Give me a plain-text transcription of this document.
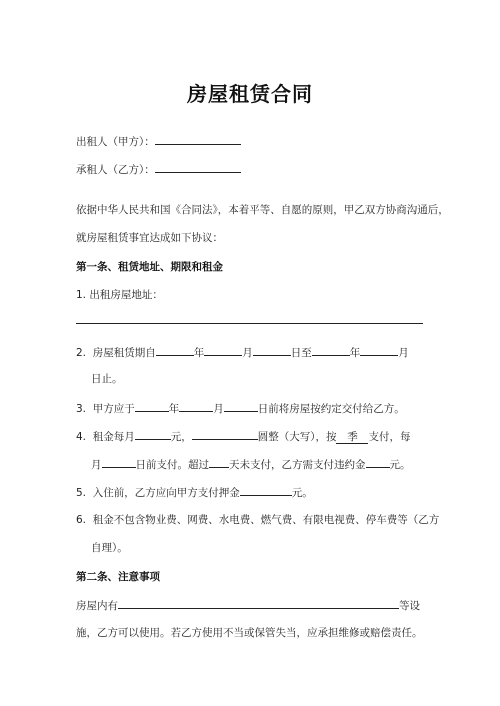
房屋租赁合同
出租人（甲方）：
承租人（乙方）：
依据中华人民共和国《合同法》，本着平等、自愿的原则，甲乙双方协商沟通后，
就房屋租赁事宜达成如下协议：
第一条、租赁地址、期限和租金
1. 出租房屋地址：
2. 房屋租赁期自	年	月	日至	年	月
日止。
3. 甲方应于	年	月	日前将房屋按约定交付给乙方。
4. 租金每月	元，	圆整（大写），按 季 支付，每
月	日前支付。超过 天未支付，乙方需支付违约金 元。
5. 入住前，乙方应向甲方支付押金	元。
6. 租金不包含物业费、网费、水电费、燃气费、有限电视费、停车费等（乙方
自理）。
第二条、注意事项
房屋内有	等设
施，乙方可以使用。若乙方使用不当或保管失当，应承担维修或赔偿责任。
